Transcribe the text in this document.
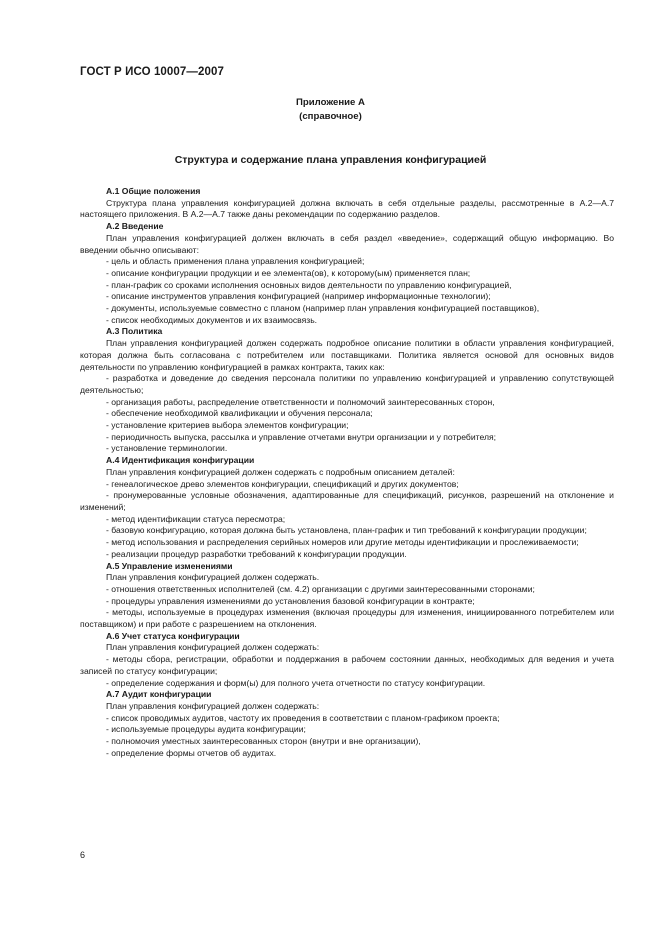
ГОСТ Р ИСО 10007—2007
Приложение А
(справочное)
Структура и содержание плана управления конфигурацией
А.1 Общие положения
Структура плана управления конфигурацией должна включать в себя отдельные разделы, рассмотренные в А.2—А.7 настоящего приложения. В А.2—А.7 также даны рекомендации по содержанию разделов.
А.2 Введение
План управления конфигурацией должен включать в себя раздел «введение», содержащий общую информацию. Во введении обычно описывают:
- цель и область применения плана управления конфигурацией;
- описание конфигурации продукции и ее элемента(ов), к которому(ым) применяется план;
- план-график со сроками исполнения основных видов деятельности по управлению конфигурацией,
- описание инструментов управления конфигурацией (например информационные технологии);
- документы, используемые совместно с планом (например план управления конфигурацией поставщиков),
- список необходимых документов и их взаимосвязь.
А.3 Политика
План управления конфигурацией должен содержать подробное описание политики в области управления конфигурацией, которая должна быть согласована с потребителем или поставщиками. Политика является основой для основных видов деятельности по управлению конфигурацией в рамках контракта, таких как:
- разработка и доведение до сведения персонала политики по управлению конфигурацией и управлению сопутствующей деятельностью;
- организация работы, распределение ответственности и полномочий заинтересованных сторон,
- обеспечение необходимой квалификации и обучения персонала;
- установление критериев выбора элементов конфигурации;
- периодичность выпуска, рассылка и управление отчетами внутри организации и у потребителя;
- установление терминологии.
А.4 Идентификация конфигурации
План управления конфигурацией должен содержать с подробным описанием деталей:
- генеалогическое древо элементов конфигурации, спецификаций и других документов;
- пронумерованные условные обозначения, адаптированные для спецификаций, рисунков, разрешений на отклонение и изменений;
- метод идентификации статуса пересмотра;
- базовую конфигурацию, которая должна быть установлена, план-график и тип требований к конфигурации продукции;
- метод использования и распределения серийных номеров или другие методы идентификации и прослеживаемости;
- реализации процедур разработки требований к конфигурации продукции.
А.5 Управление изменениями
План управления конфигурацией должен содержать.
- отношения ответственных исполнителей (см. 4.2) организации с другими заинтересованными сторонами;
- процедуры управления изменениями до установления базовой конфигурации в контракте;
- методы, используемые в процедурах изменения (включая процедуры для изменения, инициированного потребителем или поставщиком) и при работе с разрешением на отклонения.
А.6 Учет статуса конфигурации
План управления конфигурацией должен содержать:
- методы сбора, регистрации, обработки и поддержания в рабочем состоянии данных, необходимых для ведения и учета записей по статусу конфигурации;
- определение содержания и форм(ы) для полного учета отчетности по статусу конфигурации.
А.7 Аудит конфигурации
План управления конфигурацией должен содержать:
- список проводимых аудитов, частоту их проведения в соответствии с планом-графиком проекта;
- используемые процедуры аудита конфигурации;
- полномочия уместных заинтересованных сторон (внутри и вне организации),
- определение формы отчетов об аудитах.
6
